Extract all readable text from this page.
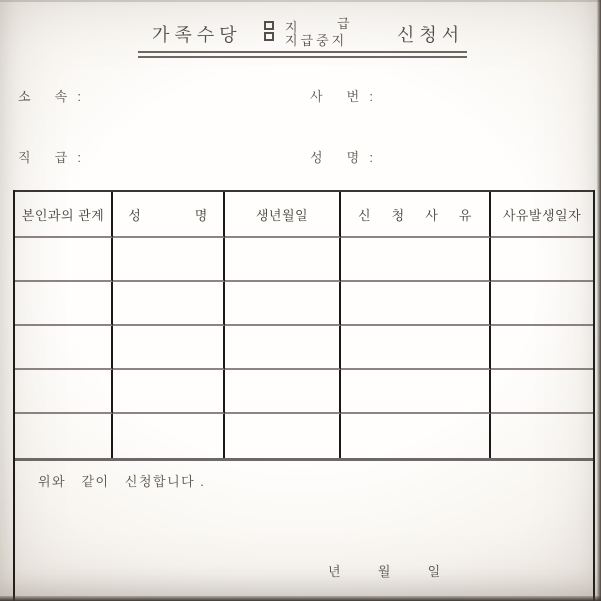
가족수당	지	급
지급중지	신청서
소     속  :	사     번  :
직     급  :	성     명  :
본인과의 관계	성             명	생년월일	신     청     사     유	사유발생일자
위와   같이   신청합니다 .
년       월       일
